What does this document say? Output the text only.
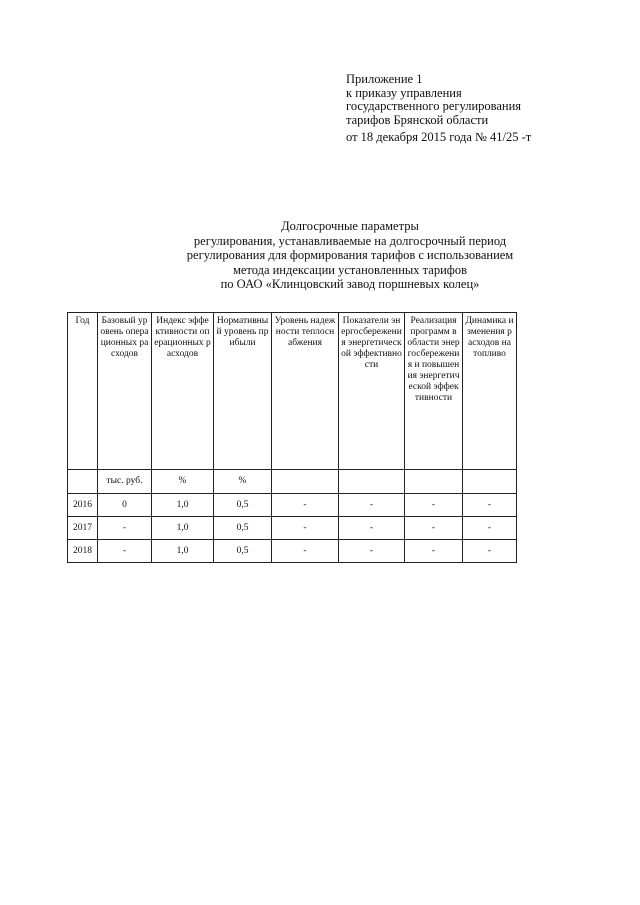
Приложение 1
к приказу управления
государственного регулирования
тарифов Брянской области
от 18 декабря 2015 года № 41/25 -т
Долгосрочные параметры
регулирования, устанавливаемые на долгосрочный период
регулирования для формирования тарифов с использованием
метода индексации установленных тарифов
по ОАО «Клинцовский завод поршневых колец»
Год	Базовый уровень операционных расходов	Индекс эффективности операционных расходов	Нормативный уровень прибыли	Уровень надежности теплоснабжения	Показатели энергосбережения энергетической эффективности	Реализация программ в области энергосбережения и повышения энергетической эффективности	Динамика изменения расходов на топливо
	тыс. руб.	%	%				
2016	0	1,0	0,5	-	-	-	-
2017	-	1,0	0,5	-	-	-	-
2018	-	1,0	0,5	-	-	-	-
